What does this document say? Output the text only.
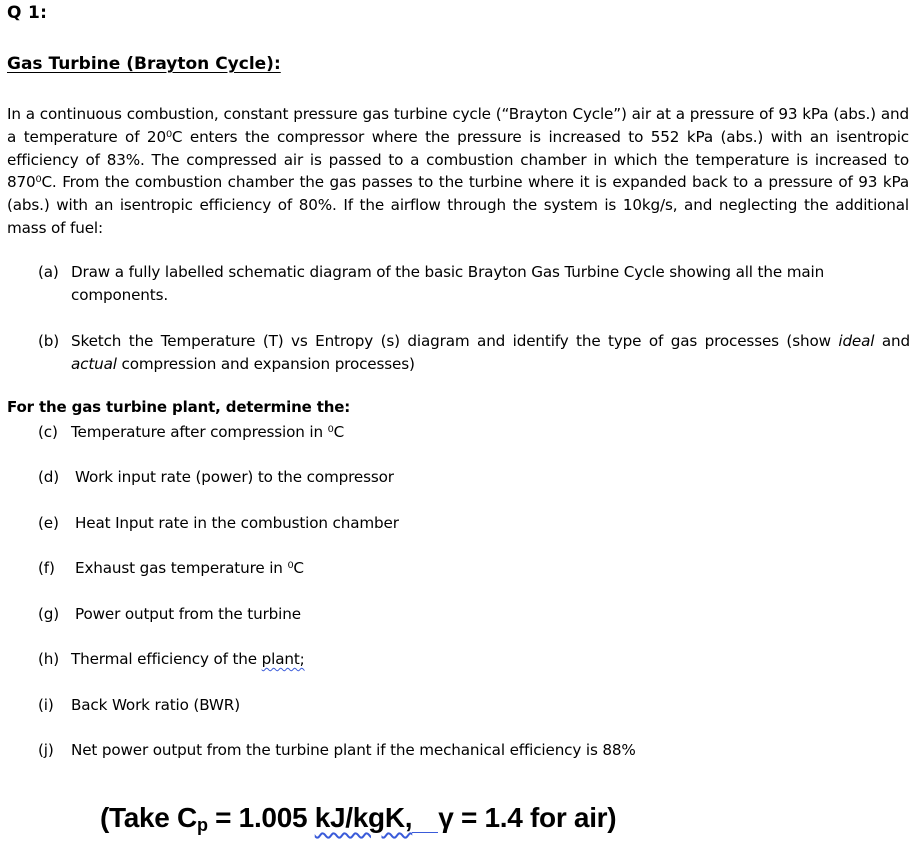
Q 1:
Gas Turbine (Brayton Cycle):
In a continuous combustion, constant pressure gas turbine cycle (“Brayton Cycle”) air at a pressure of 93 kPa (abs.) and a temperature of 20⁰C enters the compressor where the pressure is increased to 552 kPa (abs.) with an isentropic efficiency of 83%. The compressed air is passed to a combustion chamber in which the temperature is increased to 870⁰C. From the combustion chamber the gas passes to the turbine where it is expanded back to a pressure of 93 kPa (abs.) with an isentropic efficiency of 80%. If the airflow through the system is 10kg/s, and neglecting the additional mass of fuel:
(a) Draw a fully labelled schematic diagram of the basic Brayton Gas Turbine Cycle showing all the main components.
(b) Sketch the Temperature (T) vs Entropy (s) diagram and identify the type of gas processes (show ideal and actual compression and expansion processes)
For the gas turbine plant, determine the:
(c) Temperature after compression in ⁰C
(d)	Work input rate (power) to the compressor
(e)	Heat Input rate in the combustion chamber
(f)	Exhaust gas temperature in ⁰C
(g)	Power output from the turbine
(h) Thermal efficiency of the plant;
(i)	Back Work ratio (BWR)
(j)	Net power output from the turbine plant if the mechanical efficiency is 88%
(Take $C_p = 1.005$ kJ/kgK, γ = 1.4 for air)
